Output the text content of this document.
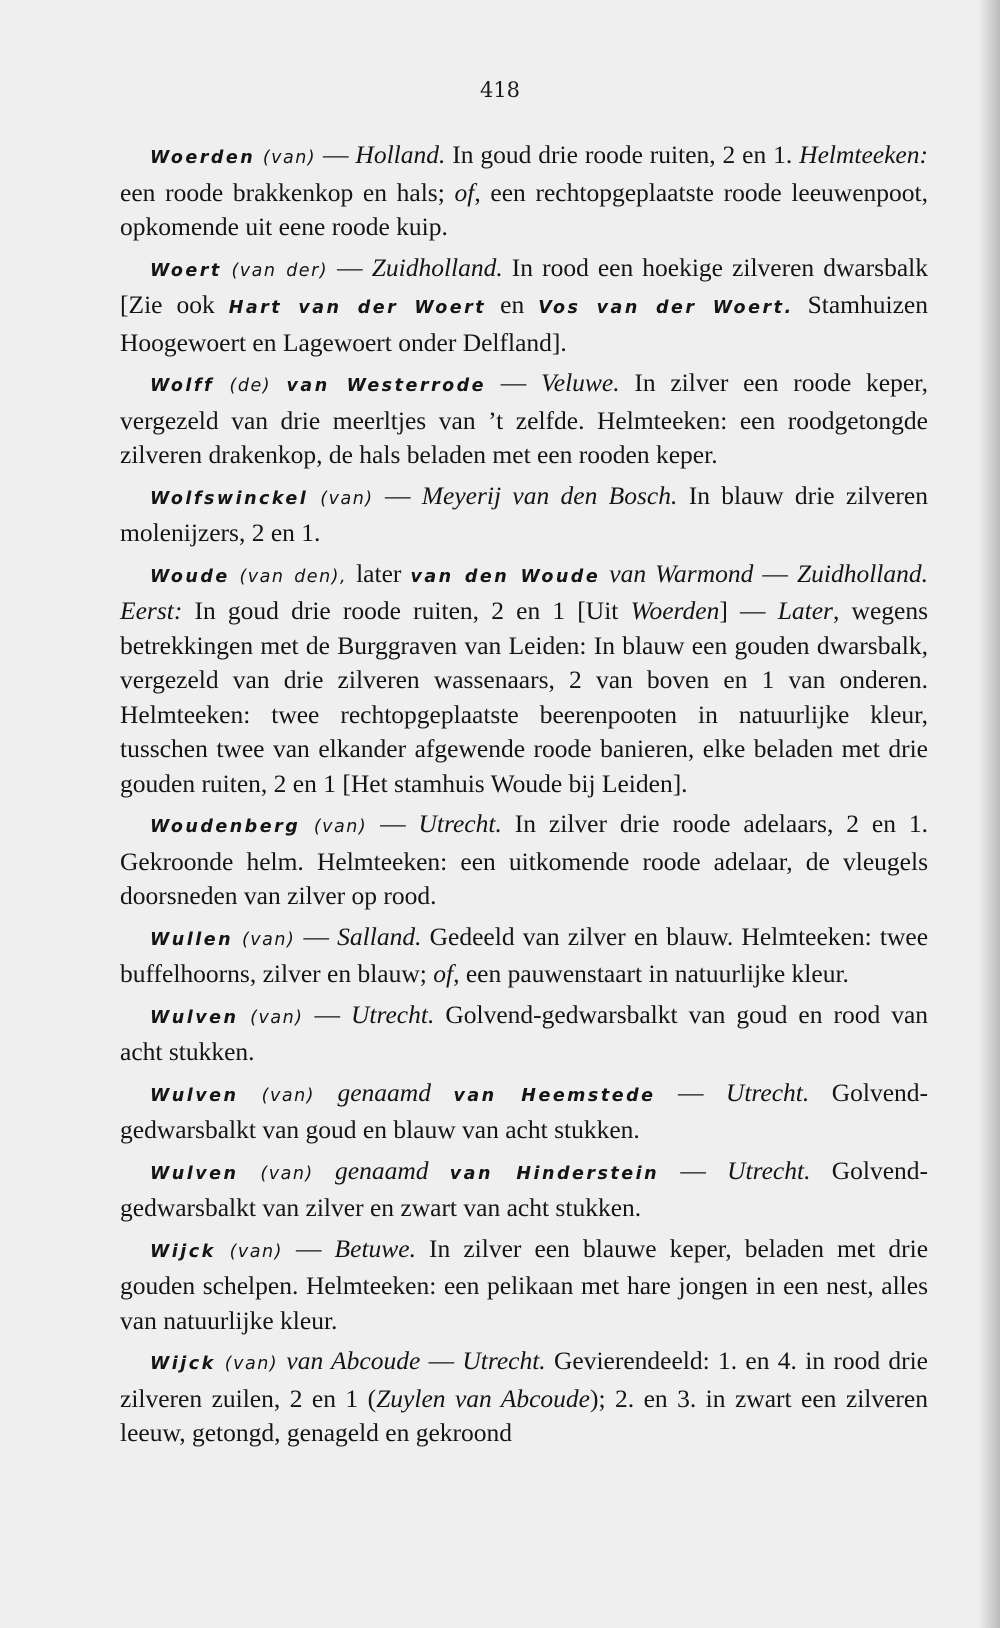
418

Woerden (van) — Holland. In goud drie roode ruiten, 2 en 1. Helmteeken: een roode brakkenkop en hals; of, een rechtopgeplaatste roode leeuwenpoot, opkomende uit eene roode kuip.

Woert (van der) — Zuidholland. In rood een hoekige zilveren dwarsbalk [Zie ook Hart van der Woert en Vos van der Woert. Stamhuizen Hoogewoert en Lagewoert onder Delfland].

Wolff (de) van Westerrode — Veluwe. In zilver een roode keper, vergezeld van drie meerltjes van ’t zelfde. Helmteeken: een roodgetongde zilveren drakenkop, de hals beladen met een rooden keper.

Wolfswinckel (van) — Meyerij van den Bosch. In blauw drie zilveren molenijzers, 2 en 1.

Woude (van den), later van den Woude van Warmond — Zuidholland. Eerst: In goud drie roode ruiten, 2 en 1 [Uit Woerden] — Later, wegens betrekkingen met de Burggraven van Leiden: In blauw een gouden dwarsbalk, vergezeld van drie zilveren wassenaars, 2 van boven en 1 van onderen. Helmteeken: twee rechtopgeplaatste beerenpooten in natuurlijke kleur, tusschen twee van elkander afgewende roode banieren, elke beladen met drie gouden ruiten, 2 en 1 [Het stamhuis Woude bij Leiden].

Woudenberg (van) — Utrecht. In zilver drie roode adelaars, 2 en 1. Gekroonde helm. Helmteeken: een uitkomende roode adelaar, de vleugels doorsneden van zilver op rood.

Wullen (van) — Salland. Gedeeld van zilver en blauw. Helmteeken: twee buffelhoorns, zilver en blauw; of, een pauwenstaart in natuurlijke kleur.

Wulven (van) — Utrecht. Golvend-gedwarsbalkt van goud en rood van acht stukken.

Wulven (van) genaamd van Heemstede — Utrecht. Golvend-gedwarsbalkt van goud en blauw van acht stukken.

Wulven (van) genaamd van Hinderstein — Utrecht. Golvend-gedwarsbalkt van zilver en zwart van acht stukken.

Wijck (van) — Betuwe. In zilver een blauwe keper, beladen met drie gouden schelpen. Helmteeken: een pelikaan met hare jongen in een nest, alles van natuurlijke kleur.

Wijck (van) van Abcoude — Utrecht. Gevierendeeld: 1. en 4. in rood drie zilveren zuilen, 2 en 1 (Zuylen van Abcoude); 2. en 3. in zwart een zilveren leeuw, getongd, genageld en gekroond
